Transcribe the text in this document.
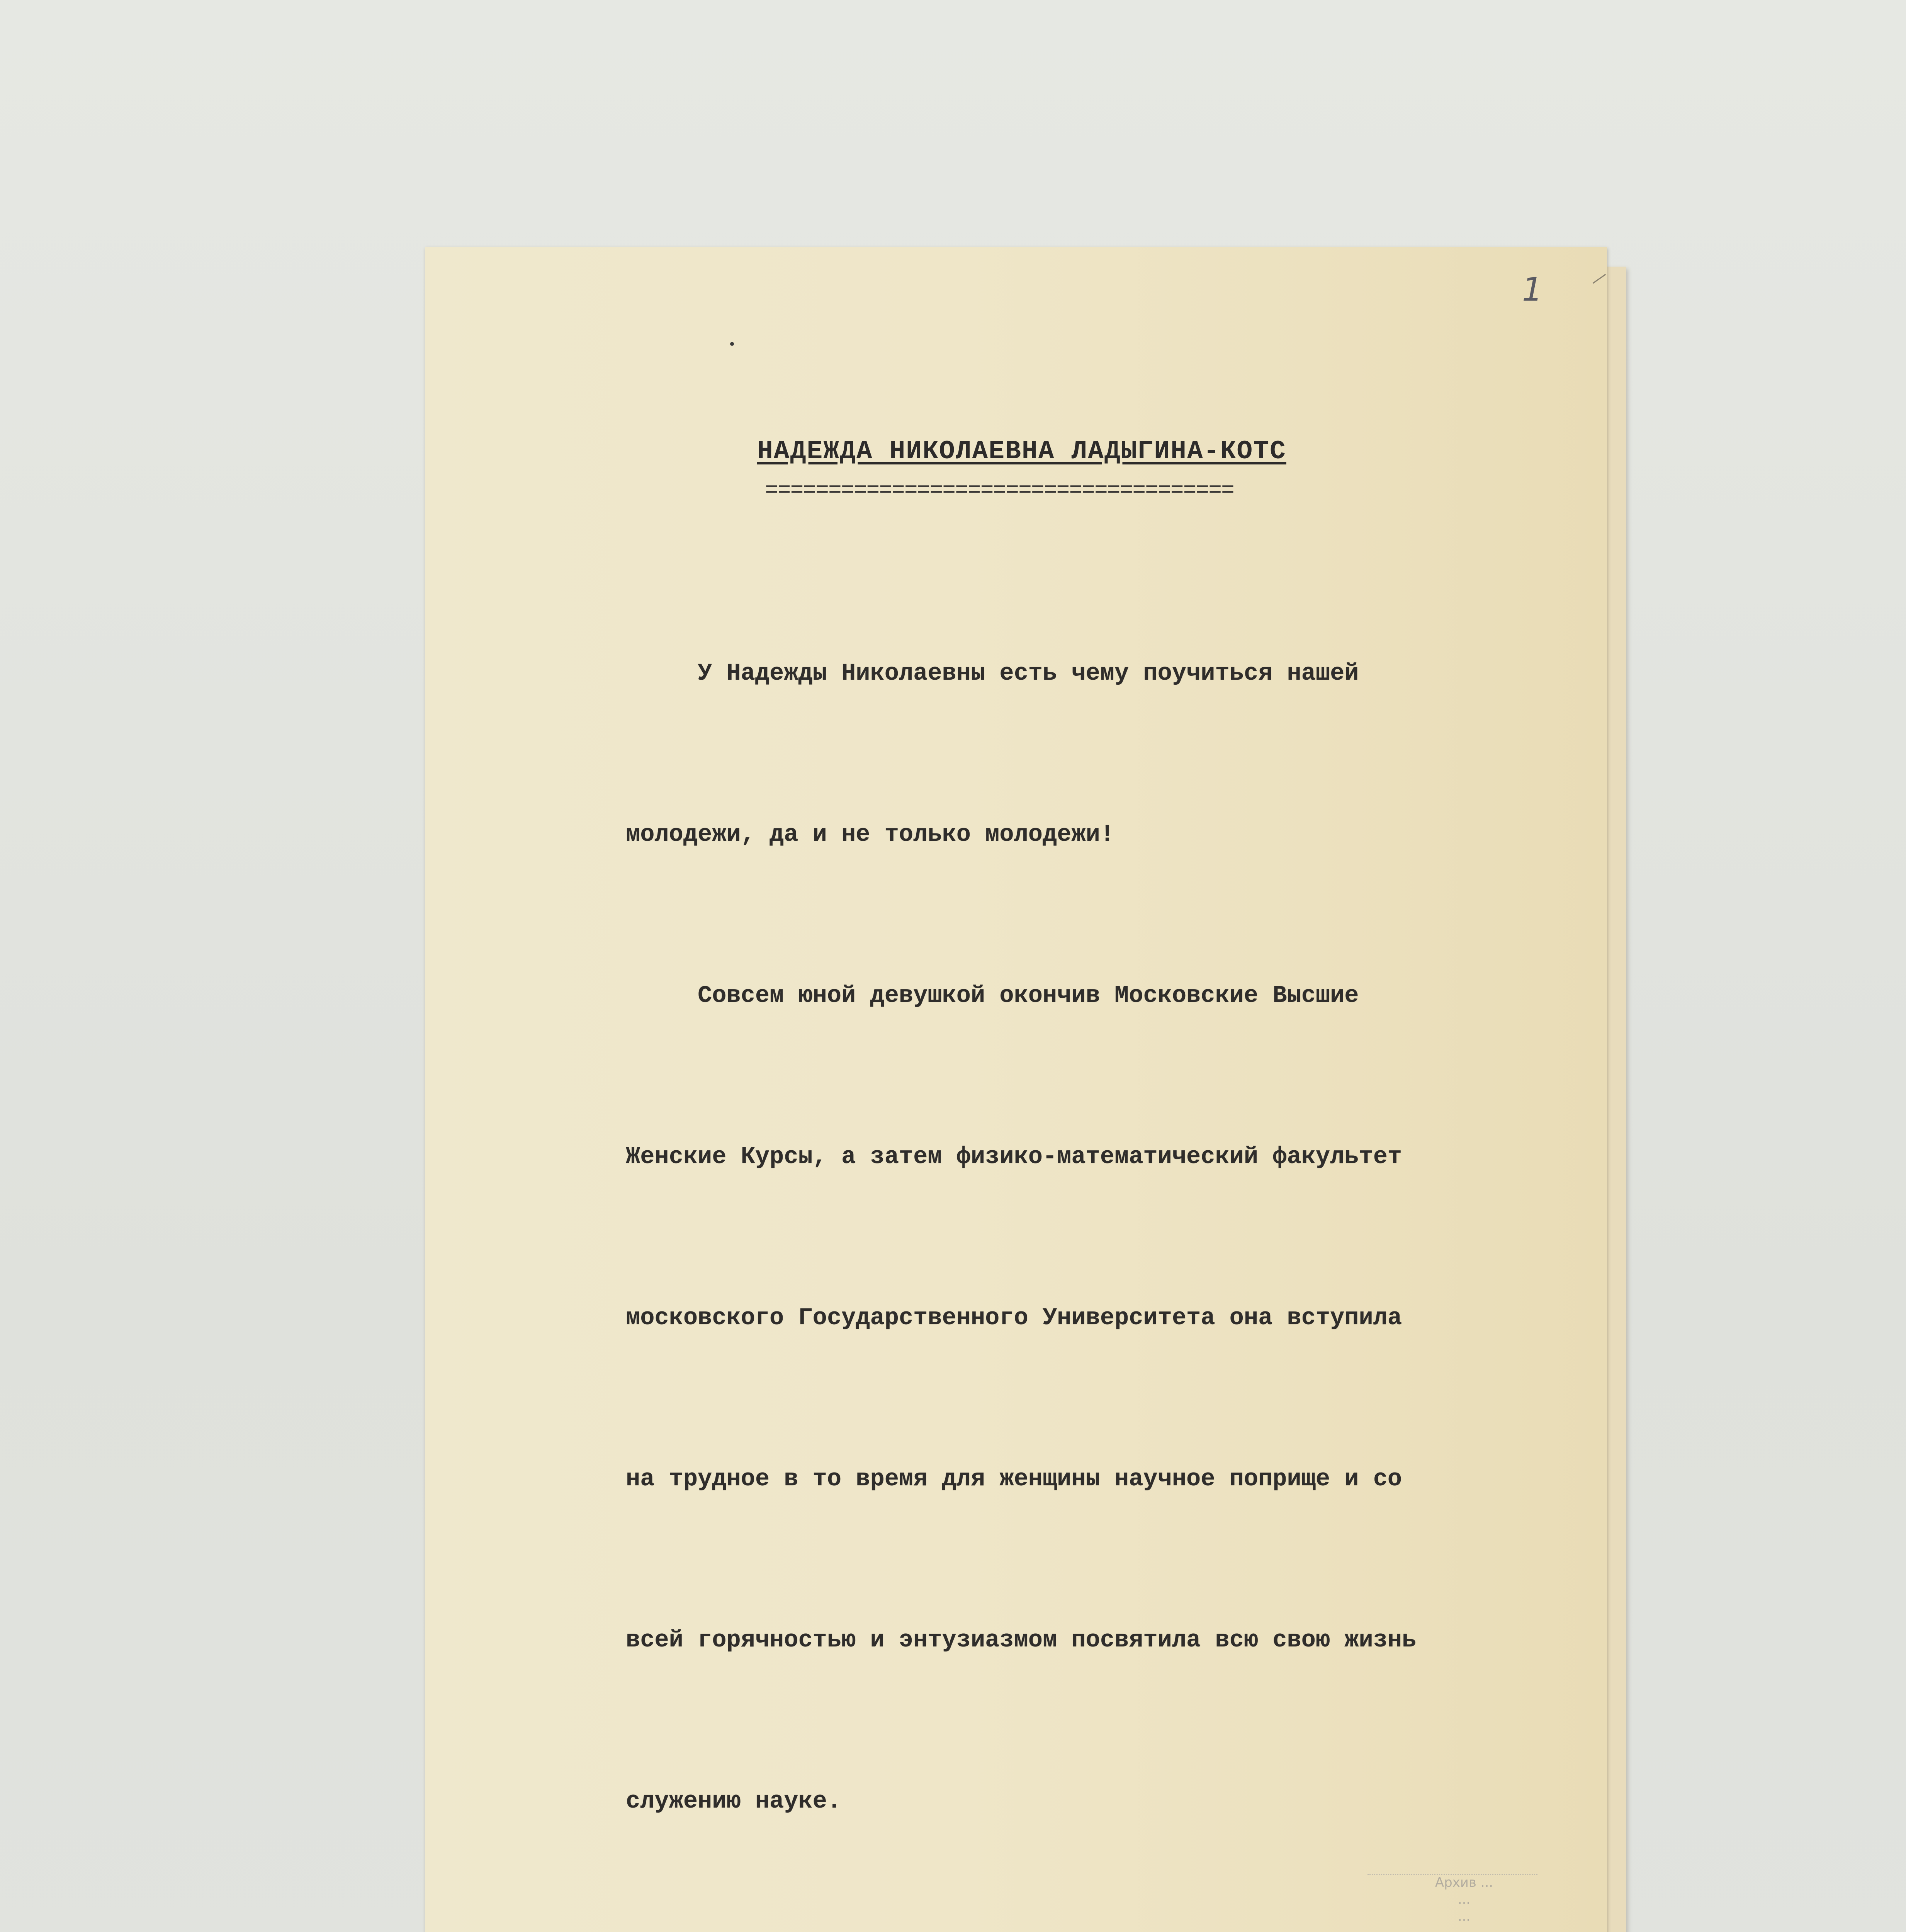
1
НАДЕЖДА НИКОЛАЕВНА ЛАДЫГИНА-КОТС
=====================================

У Надежды Николаевны есть чему поучиться нашей

молодежи, да и не только молодежи!

Совсем юной девушкой окончив Московские Высшие

Женские Курсы, а затем физико-математический факультет

московского Государственного Университета она вступила

на трудное в то время для женщины научное поприще и со

всей горячностью и энтузиазмом посвятила всю свою жизнь

служению науке.

Архив ...
...
...
